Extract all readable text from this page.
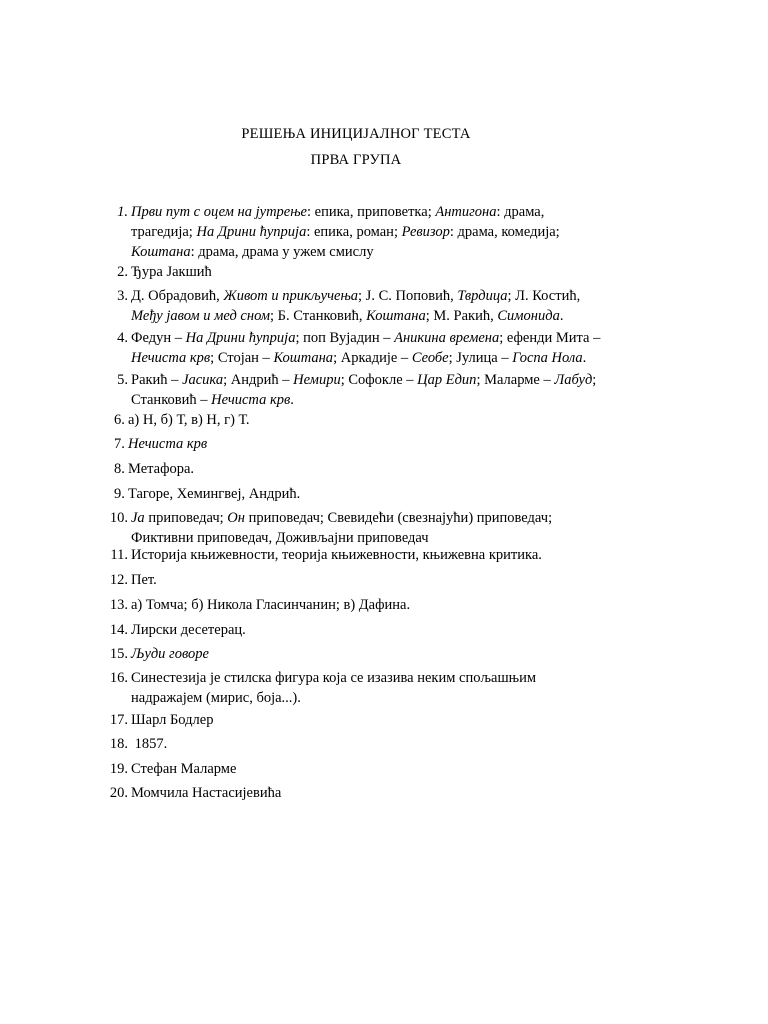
РЕШЕЊА ИНИЦИЈАЛНОГ ТЕСТА
ПРВА ГРУПА
1. Први пут с оцем на јутрење: епика, приповетка; Антигона: драма,
трагедија; На Дрини ћуприја: епика, роман; Ревизор: драма, комедија;
Коштана: драма, драма у ужем смислу
2. Ђура Јакшић
3. Д. Обрадовић, Живот и прикључења; Ј. С. Поповић, Тврдица; Л. Костић,
Међу јавом и мед сном; Б. Станковић, Коштана; М. Ракић, Симонида.
4. Федун – На Дрини ћуприја; поп Вујадин – Аникина времена; ефенди Мита –
Нечиста крв; Стојан – Коштана; Аркадије – Сеобе; Јулица – Госпа Нола.
5. Ракић – Јасика; Андрић – Немири; Софокле – Цар Едип; Маларме – Лабуд;
Станковић – Нечиста крв.
6. а) Н, б) Т, в) Н, г) Т.
7. Нечиста крв
8. Метафора.
9. Тагоре, Хемингвеј, Андрић.
10. Ја приповедач; Он приповедач; Свевидећи (свезнајући) приповедач;
Фиктивни приповедач, Доживљајни приповедач
11. Историја књижевности, теорија књижевности, књижевна критика.
12. Пет.
13. а) Томча; б) Никола Гласинчанин; в) Дафина.
14. Лирски десетерац.
15. Људи говоре
16. Синестезија је стилска фигура која се изазива неким спољашњим
надражајем (мирис, боја...).
17. Шарл Бодлер
18. 1857.
19. Стефан Маларме
20. Момчила Настасијевића
